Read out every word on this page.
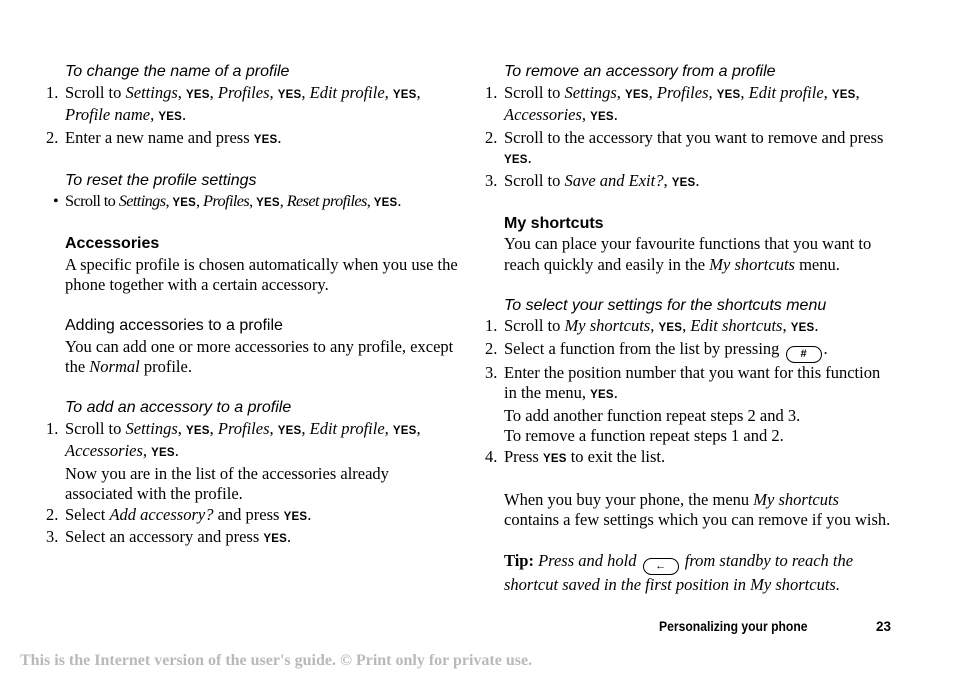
To change the name of a profile
1. Scroll to Settings, YES, Profiles, YES, Edit profile, YES, Profile name, YES.
2. Enter a new name and press YES.
To reset the profile settings
• Scroll to Settings, YES, Profiles, YES, Reset profiles, YES.
Accessories
A specific profile is chosen automatically when you use the phone together with a certain accessory.
Adding accessories to a profile
You can add one or more accessories to any profile, except the Normal profile.
To add an accessory to a profile
1. Scroll to Settings, YES, Profiles, YES, Edit profile, YES, Accessories, YES.
Now you are in the list of the accessories already associated with the profile.
2. Select Add accessory? and press YES.
3. Select an accessory and press YES.
To remove an accessory from a profile
1. Scroll to Settings, YES, Profiles, YES, Edit profile, YES, Accessories, YES.
2. Scroll to the accessory that you want to remove and press YES.
3. Scroll to Save and Exit?, YES.
My shortcuts
You can place your favourite functions that you want to reach quickly and easily in the My shortcuts menu.
To select your settings for the shortcuts menu
1. Scroll to My shortcuts, YES, Edit shortcuts, YES.
2. Select a function from the list by pressing # .
3. Enter the position number that you want for this function in the menu, YES.
To add another function repeat steps 2 and 3.
To remove a function repeat steps 1 and 2.
4. Press YES to exit the list.
When you buy your phone, the menu My shortcuts contains a few settings which you can remove if you wish.
Tip: Press and hold ← from standby to reach the shortcut saved in the first position in My shortcuts.
Personalizing your phone	23
This is the Internet version of the user's guide. © Print only for private use.
